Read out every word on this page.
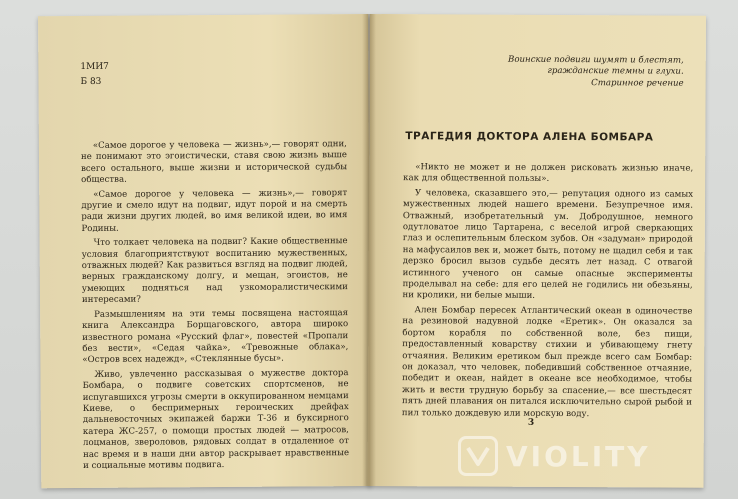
1МИ7
Б 83

«Самое дорогое у человека — жизнь»,— говорят одни, не понимают это эгоистически, ставя свою жизнь выше всего остального, выше жизни и исторической судьбы общества.

«Самое дорогое у человека — жизнь»,— говорят другие и смело идут на подвиг, идут порой и на смерть ради жизни других людей, во имя великой идеи, во имя Родины.

Что толкает человека на подвиг? Какие общественные условия благоприятствуют воспитанию мужественных, отважных людей? Как развиться взгляд на подвиг людей, верных гражданскому долгу, и мещан, эгоистов, не умеющих подняться над узкоморалистическими интересами?

Размышлениям на эти темы посвящена настоящая книга Александра Борщаговского, автора широко известного романа «Русский флаг», повестей «Пропали без вести», «Седая чайка», «Тревожные облака», «Остров всех надежд», «Стеклянные бусы».

Живо, увлеченно рассказывая о мужестве доктора Бомбара, о подвиге советских спортсменов, не испугавшихся угрозы смерти в оккупированном немцами Киеве, о беспримерных героических дрейфах дальневосточных экипажей баржи Т-36 и буксирного катера ЖС-257, о помощи простых людей — матросов, лоцманов, звероловов, рядовых солдат в отдаленное от нас время и в наши дни автор раскрывает нравственные и социальные мотивы подвига.

Воинские подвиги шумят и блестят,
гражданские темны и глухи.
Старинное речение
ТРАГЕДИЯ ДОКТОРА АЛЕНА БОМБАРА

«Никто не может и не должен рисковать жизнью иначе, как для общественной пользы».

У человека, сказавшего это,— репутация одного из самых мужественных людей нашего времени. Безупречное имя. Отважный, изобретательный ум. Добродушное, немного одутловатое лицо Тартарена, с веселой игрой сверкающих глаз и ослепительным блеском зубов. Он «задуман» природой на мафусаилов век и, может быть, потому не щадил себя и так дерзко бросил вызов судьбе десять лет назад. С отвагой истинного ученого он самые опасные эксперименты проделывал на себе: для его целей не годились ни обезьяны, ни кролики, ни белые мыши.

Ален Бомбар пересек Атлантический океан в одиночестве на резиновой надувной лодке «Еретик». Он оказался за бортом корабля по собственной воле, без пищи, предоставленный коварству стихии и убивающему гнету отчаяния. Великим еретиком был прежде всего сам Бомбар: он доказал, что человек, победивший собственное отчаяние, победит и океан, найдет в океане все необходимое, чтобы жить и вести трудную борьбу за спасение,— все шестьдесят пять дней плавания он питался исключительно сырой рыбой и пил только дождевую или морскую воду.

3
VIOLITY
